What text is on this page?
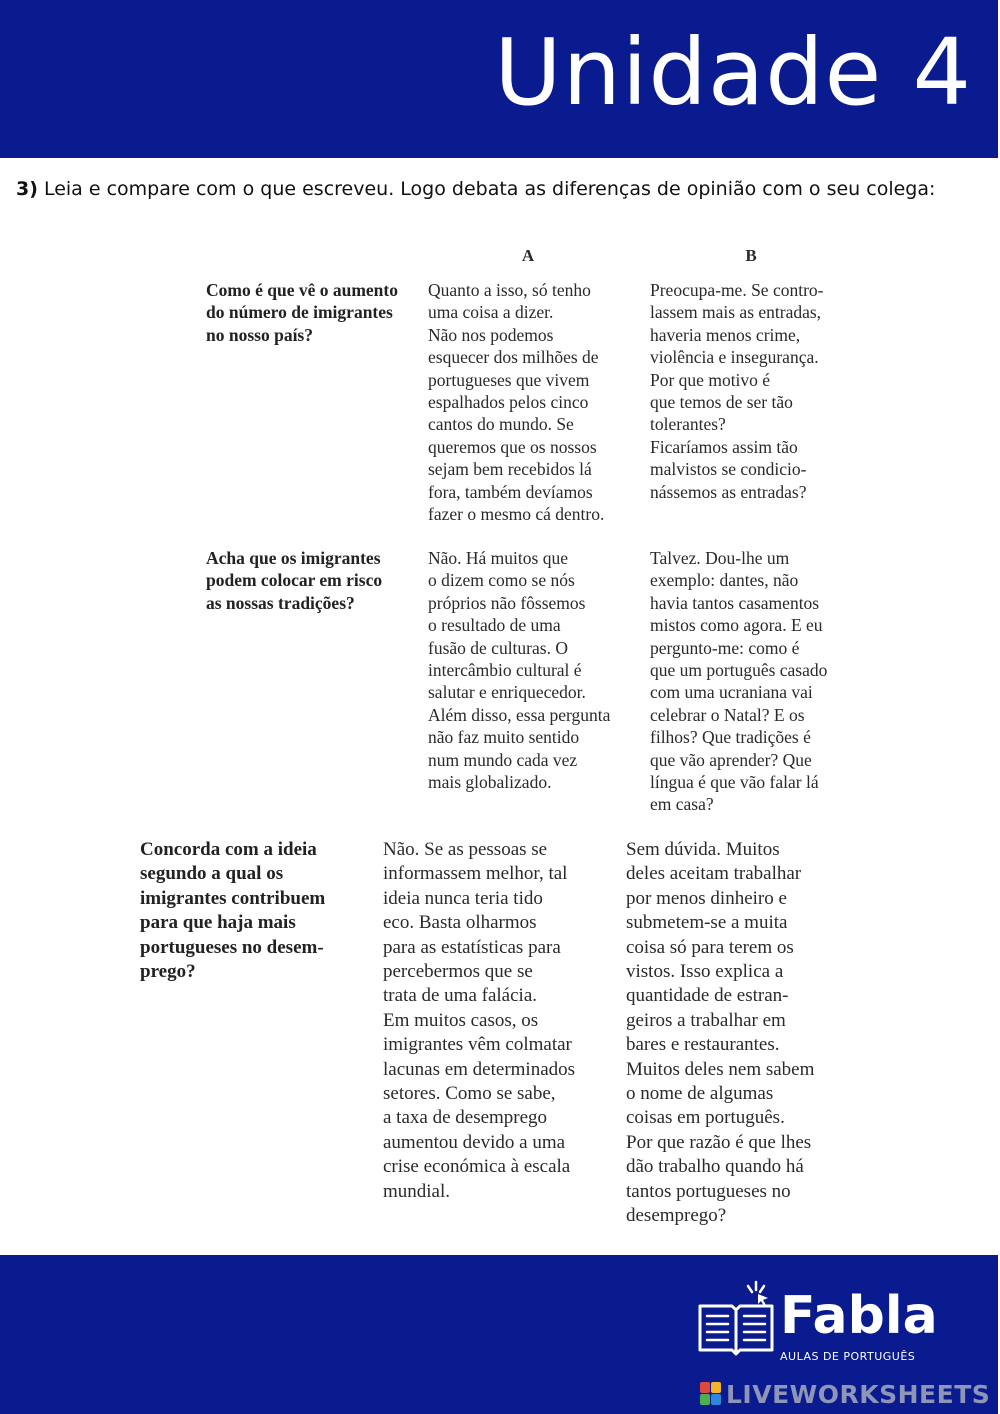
Unidade 4
3) Leia e compare com o que escreveu. Logo debata as diferenças de opinião com o seu colega:
A	B
Como é que vê o aumento
do número de imigrantes
no nosso país?
Quanto a isso, só tenho
uma coisa a dizer.
Não nos podemos
esquecer dos milhões de
portugueses que vivem
espalhados pelos cinco
cantos do mundo. Se
queremos que os nossos
sejam bem recebidos lá
fora, também devíamos
fazer o mesmo cá dentro.
Preocupa-me. Se contro-
lassem mais as entradas,
haveria menos crime,
violência e insegurança.
Por que motivo é
que temos de ser tão
tolerantes?
Ficaríamos assim tão
malvistos se condicio-
nássemos as entradas?
Acha que os imigrantes
podem colocar em risco
as nossas tradições?
Não. Há muitos que
o dizem como se nós
próprios não fôssemos
o resultado de uma
fusão de culturas. O
intercâmbio cultural é
salutar e enriquecedor.
Além disso, essa pergunta
não faz muito sentido
num mundo cada vez
mais globalizado.
Talvez. Dou-lhe um
exemplo: dantes, não
havia tantos casamentos
mistos como agora. E eu
pergunto-me: como é
que um português casado
com uma ucraniana vai
celebrar o Natal? E os
filhos? Que tradições é
que vão aprender? Que
língua é que vão falar lá
em casa?
Concorda com a ideia
segundo a qual os
imigrantes contribuem
para que haja mais
portugueses no desem-
prego?
Não. Se as pessoas se
informassem melhor, tal
ideia nunca teria tido
eco. Basta olharmos
para as estatísticas para
percebermos que se
trata de uma falácia.
Em muitos casos, os
imigrantes vêm colmatar
lacunas em determinados
setores. Como se sabe,
a taxa de desemprego
aumentou devido a uma
crise económica à escala
mundial.
Sem dúvida. Muitos
deles aceitam trabalhar
por menos dinheiro e
submetem-se a muita
coisa só para terem os
vistos. Isso explica a
quantidade de estran-
geiros a trabalhar em
bares e restaurantes.
Muitos deles nem sabem
o nome de algumas
coisas em português.
Por que razão é que lhes
dão trabalho quando há
tantos portugueses no
desemprego?
Fabla
AULAS DE PORTUGUÊS
LIVEWORKSHEETS
